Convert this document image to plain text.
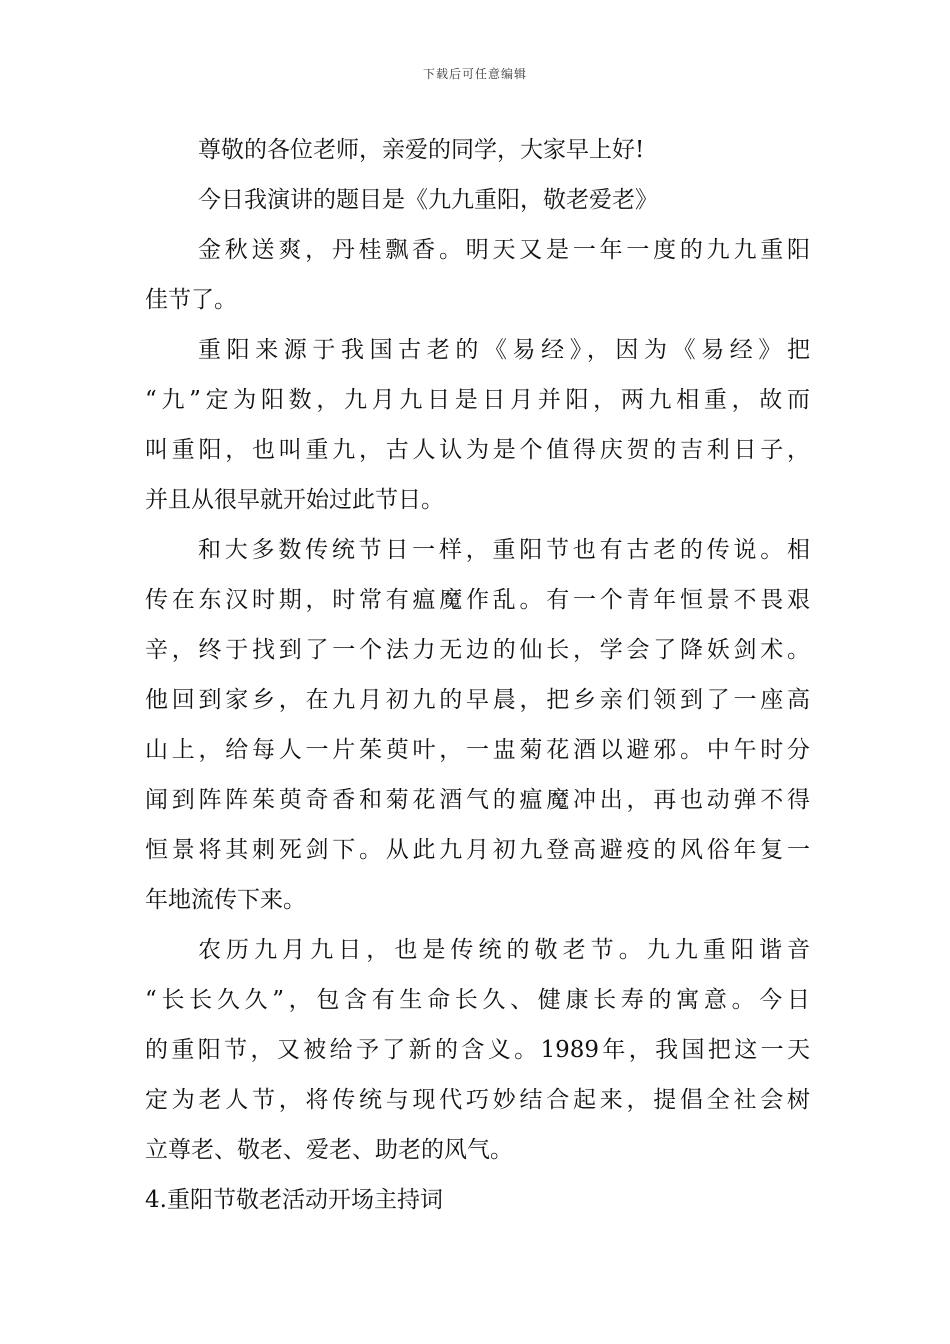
下载后可任意编辑
尊敬的各位老师，亲爱的同学，大家早上好!
今日我演讲的题目是《九九重阳，敬老爱老》
金秋送爽，丹桂飘香。明天又是一年一度的九九重阳
佳节了。
重阳来源于我国古老的《易经》，因为《易经》把
“九”定为阳数，九月九日是日月并阳，两九相重，故而
叫重阳，也叫重九，古人认为是个值得庆贺的吉利日子，
并且从很早就开始过此节日。
和大多数传统节日一样，重阳节也有古老的传说。相
传在东汉时期，时常有瘟魔作乱。有一个青年恒景不畏艰
辛，终于找到了一个法力无边的仙长，学会了降妖剑术。
他回到家乡，在九月初九的早晨，把乡亲们领到了一座高
山上，给每人一片茱萸叶，一盅菊花酒以避邪。中午时分
闻到阵阵茱萸奇香和菊花酒气的瘟魔冲出，再也动弹不得
恒景将其刺死剑下。从此九月初九登高避疫的风俗年复一
年地流传下来。
农历九月九日，也是传统的敬老节。九九重阳谐音
“长长久久”，包含有生命长久、健康长寿的寓意。今日
的重阳节，又被给予了新的含义。1989年，我国把这一天
定为老人节，将传统与现代巧妙结合起来，提倡全社会树
立尊老、敬老、爱老、助老的风气。
4.重阳节敬老活动开场主持词
